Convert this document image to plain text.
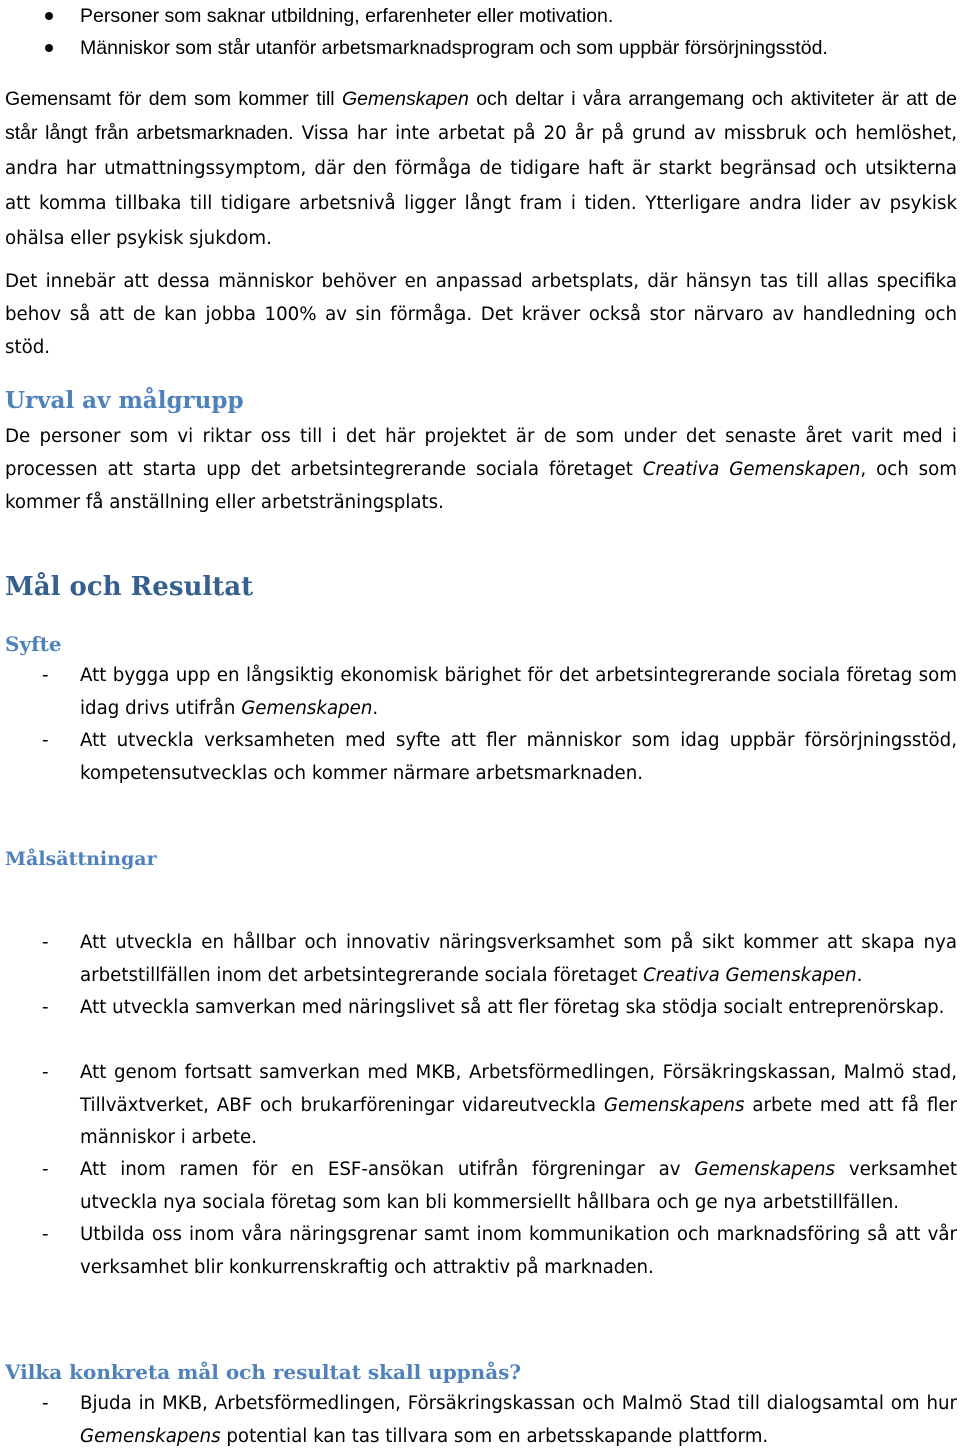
Personer som saknar utbildning, erfarenheter eller motivation.
Människor som står utanför arbetsmarknadsprogram och som uppbär försörjningsstöd.

Gemensamt för dem som kommer till Gemenskapen och deltar i våra arrangemang och aktiviteter är att de står långt från arbetsmarknaden. Vissa har inte arbetat på 20 år på grund av missbruk och hemlöshet, andra har utmattningssymptom, där den förmåga de tidigare haft är starkt begränsad och utsikterna att komma tillbaka till tidigare arbetsnivå ligger långt fram i tiden. Ytterligare andra lider av psykisk ohälsa eller psykisk sjukdom.

Det innebär att dessa människor behöver en anpassad arbetsplats, där hänsyn tas till allas specifika behov så att de kan jobba 100% av sin förmåga. Det kräver också stor närvaro av handledning och stöd.

Urval av målgrupp

De personer som vi riktar oss till i det här projektet är de som under det senaste året varit med i processen att starta upp det arbetsintegrerande sociala företaget Creativa Gemenskapen, och som kommer få anställning eller arbetsträningsplats.

Mål och Resultat
Syfte
- Att bygga upp en långsiktig ekonomisk bärighet för det arbetsintegrerande sociala företag som idag drivs utifrån Gemenskapen.
- Att utveckla verksamheten med syfte att fler människor som idag uppbär försörjningsstöd, kompetensutvecklas och kommer närmare arbetsmarknaden.
Målsättningar
- Att utveckla en hållbar och innovativ näringsverksamhet som på sikt kommer att skapa nya arbetstillfällen inom det arbetsintegrerande sociala företaget Creativa Gemenskapen.
- Att utveckla samverkan med näringslivet så att fler företag ska stödja socialt entreprenörskap.
- Att genom fortsatt samverkan med MKB, Arbetsförmedlingen, Försäkringskassan, Malmö stad, Tillväxtverket, ABF och brukarföreningar vidareutveckla Gemenskapens arbete med att få fler människor i arbete.
- Att inom ramen för en ESF-ansökan utifrån förgreningar av Gemenskapens verksamhet utveckla nya sociala företag som kan bli kommersiellt hållbara och ge nya arbetstillfällen.
- Utbilda oss inom våra näringsgrenar samt inom kommunikation och marknadsföring så att vår verksamhet blir konkurrenskraftig och attraktiv på marknaden.
Vilka konkreta mål och resultat skall uppnås?
- Bjuda in MKB, Arbetsförmedlingen, Försäkringskassan och Malmö Stad till dialogsamtal om hur Gemenskapens potential kan tas tillvara som en arbetsskapande plattform.
